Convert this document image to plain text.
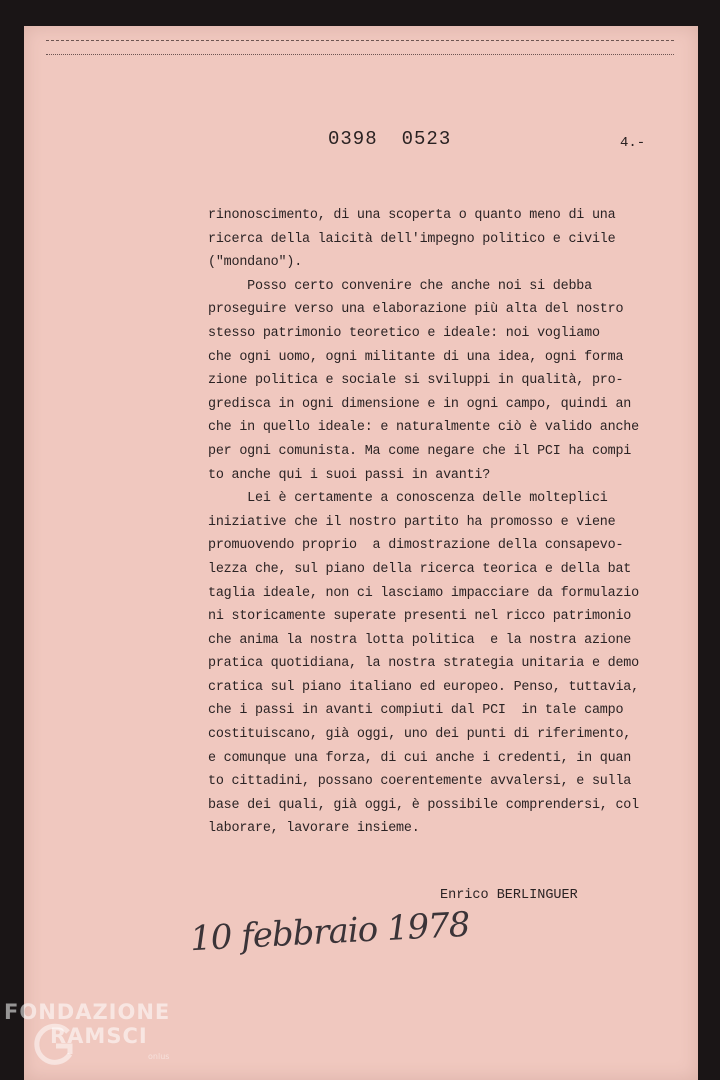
0398 0523	4.-
rinonoscimento, di una scoperta o quanto meno di una
ricerca della laicità dell'impegno politico e civile
("mondano").
Posso certo convenire che anche noi si debba
proseguire verso una elaborazione più alta del nostro
stesso patrimonio teoretico e ideale: noi vogliamo
che ogni uomo, ogni militante di una idea, ogni forma
zione politica e sociale si sviluppi in qualità, pro-
gredisca in ogni dimensione e in ogni campo, quindi an
che in quello ideale: e naturalmente ciò è valido anche
per ogni comunista. Ma come negare che il PCI ha compi
to anche qui i suoi passi in avanti?
Lei è certamente a conoscenza delle molteplici
iniziative che il nostro partito ha promosso e viene
promuovendo proprio  a dimostrazione della consapevo-
lezza che, sul piano della ricerca teorica e della bat
taglia ideale, non ci lasciamo impacciare da formulazio
ni storicamente superate presenti nel ricco patrimonio
che anima la nostra lotta politica  e la nostra azione
pratica quotidiana, la nostra strategia unitaria e demo
cratica sul piano italiano ed europeo. Penso, tuttavia,
che i passi in avanti compiuti dal PCI  in tale campo
costituiscano, già oggi, uno dei punti di riferimento,
e comunque una forza, di cui anche i credenti, in quan
to cittadini, possano coerentemente avvalersi, e sulla
base dei quali, già oggi, è possibile comprendersi, col
laborare, lavorare insieme.
Enrico BERLINGUER
10 febbraio 1978
FONDAZIONE
RAMSCI
onlus
